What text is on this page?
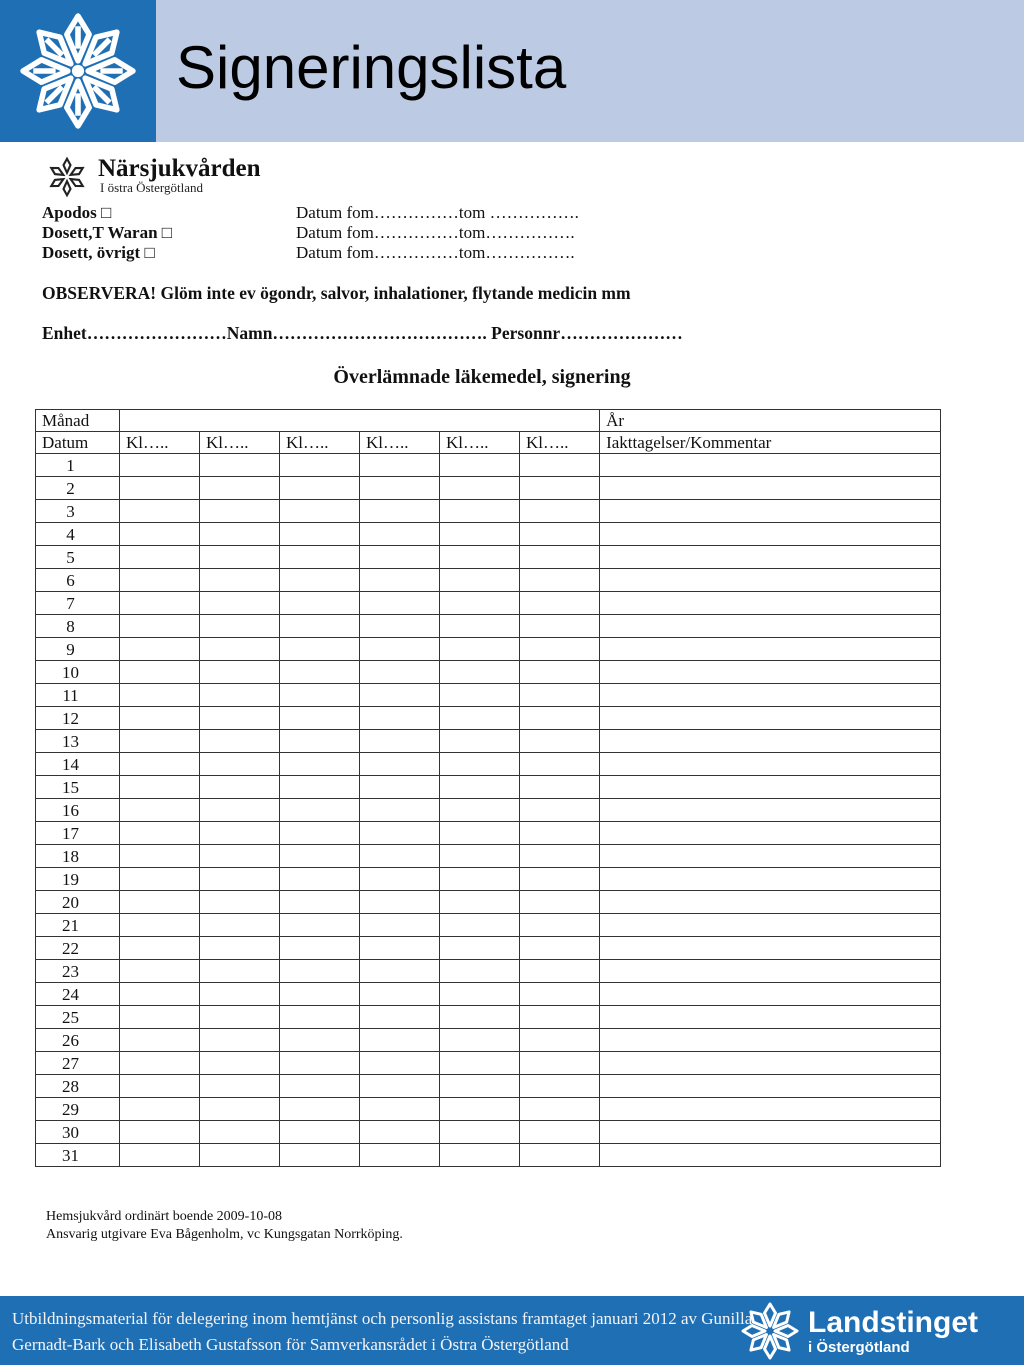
Signeringslista
Närsjukvården
I östra Östergötland
Apodos □	Datum fom……………tom …………….
Dosett,T Waran □	Datum fom……………tom…………….
Dosett, övrigt □	Datum fom……………tom…………….
OBSERVERA! Glöm inte ev ögondr, salvor, inhalationer, flytande medicin mm
Enhet……………………Namn………………………………. Personnr…………………
Överlämnade läkemedel, signering
Månad							År
Datum	Kl…..	Kl…..	Kl…..	Kl…..	Kl…..	Kl…..	Iakttagelser/Kommentar
1							
2							
3							
4							
5							
6							
7							
8							
9							
10							
11							
12							
13							
14							
15							
16							
17							
18							
19							
20							
21							
22							
23							
24							
25							
26							
27							
28							
29							
30							
31							
Hemsjukvård ordinärt boende 2009-10-08
Ansvarig utgivare Eva Bågenholm, vc Kungsgatan Norrköping.
Utbildningsmaterial för delegering inom hemtjänst och personlig assistans framtaget januari 2012 av Gunilla Gernadt-Bark och Elisabeth Gustafsson för Samverkansrådet i Östra Östergötland
Landstinget
i Östergötland
